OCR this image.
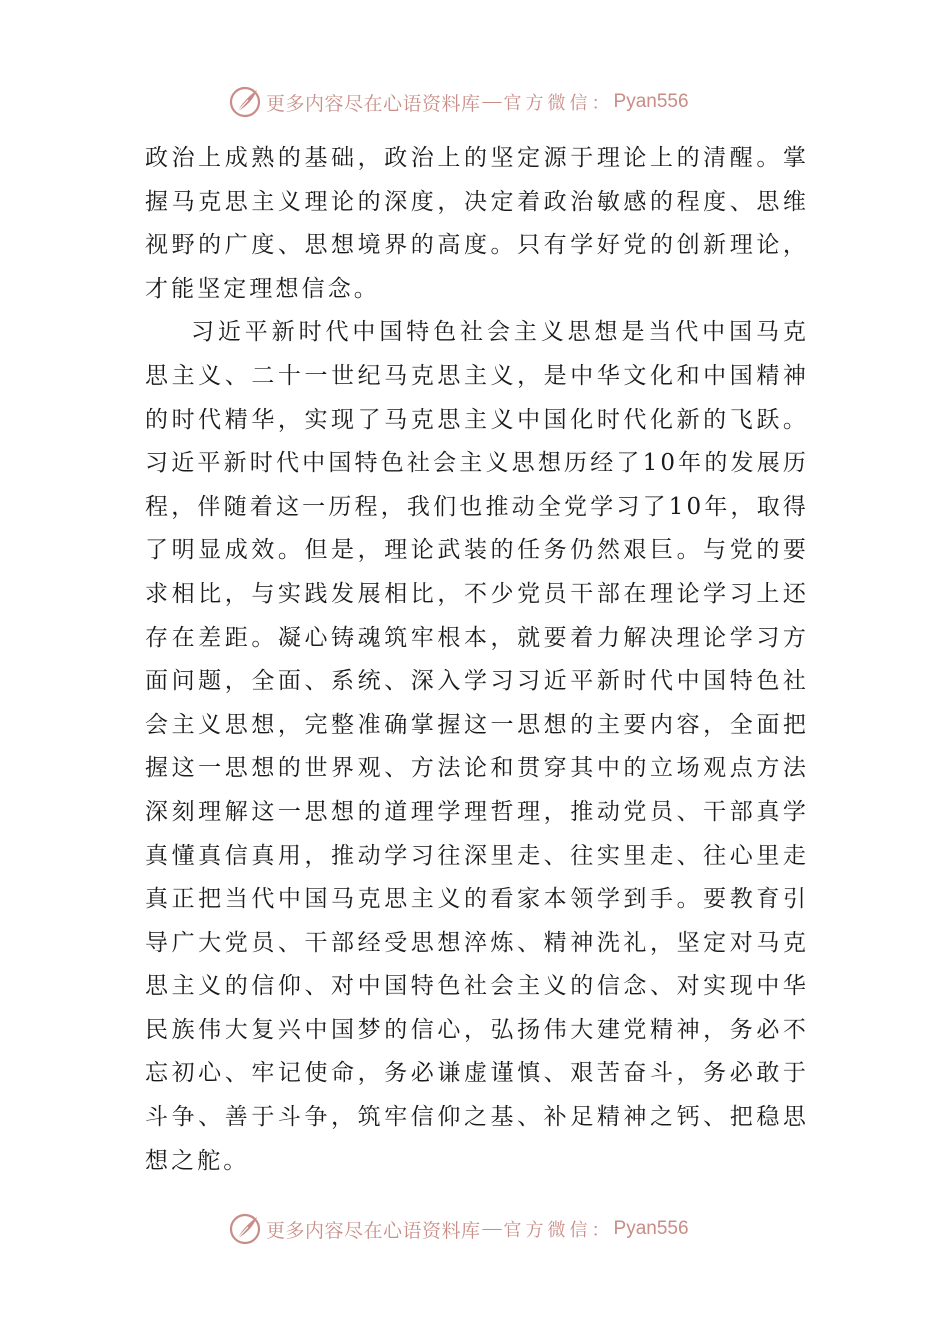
更多内容尽在心语资料库 — 官方微信： Pyan556

政治上成熟的基础，政治上的坚定源于理论上的清醒。掌握马克思主义理论的深度，决定着政治敏感的程度、思维视野的广度、思想境界的高度。只有学好党的创新理论，才能坚定理想信念。

习近平新时代中国特色社会主义思想是当代中国马克思主义、二十一世纪马克思主义，是中华文化和中国精神的时代精华，实现了马克思主义中国化时代化新的飞跃。习近平新时代中国特色社会主义思想历经了10年的发展历程，伴随着这一历程，我们也推动全党学习了10年，取得了明显成效。但是，理论武装的任务仍然艰巨。与党的要求相比，与实践发展相比，不少党员干部在理论学习上还存在差距。凝心铸魂筑牢根本，就要着力解决理论学习方面问题，全面、系统、深入学习习近平新时代中国特色社会主义思想，完整准确掌握这一思想的主要内容，全面把握这一思想的世界观、方法论和贯穿其中的立场观点方法深刻理解这一思想的道理学理哲理，推动党员、干部真学真懂真信真用，推动学习往深里走、往实里走、往心里走真正把当代中国马克思主义的看家本领学到手。要教育引导广大党员、干部经受思想淬炼、精神洗礼，坚定对马克思主义的信仰、对中国特色社会主义的信念、对实现中华民族伟大复兴中国梦的信心，弘扬伟大建党精神，务必不忘初心、牢记使命，务必谦虚谨慎、艰苦奋斗，务必敢于斗争、善于斗争，筑牢信仰之基、补足精神之钙、把稳思想之舵。

更多内容尽在心语资料库 — 官方微信： Pyan556
